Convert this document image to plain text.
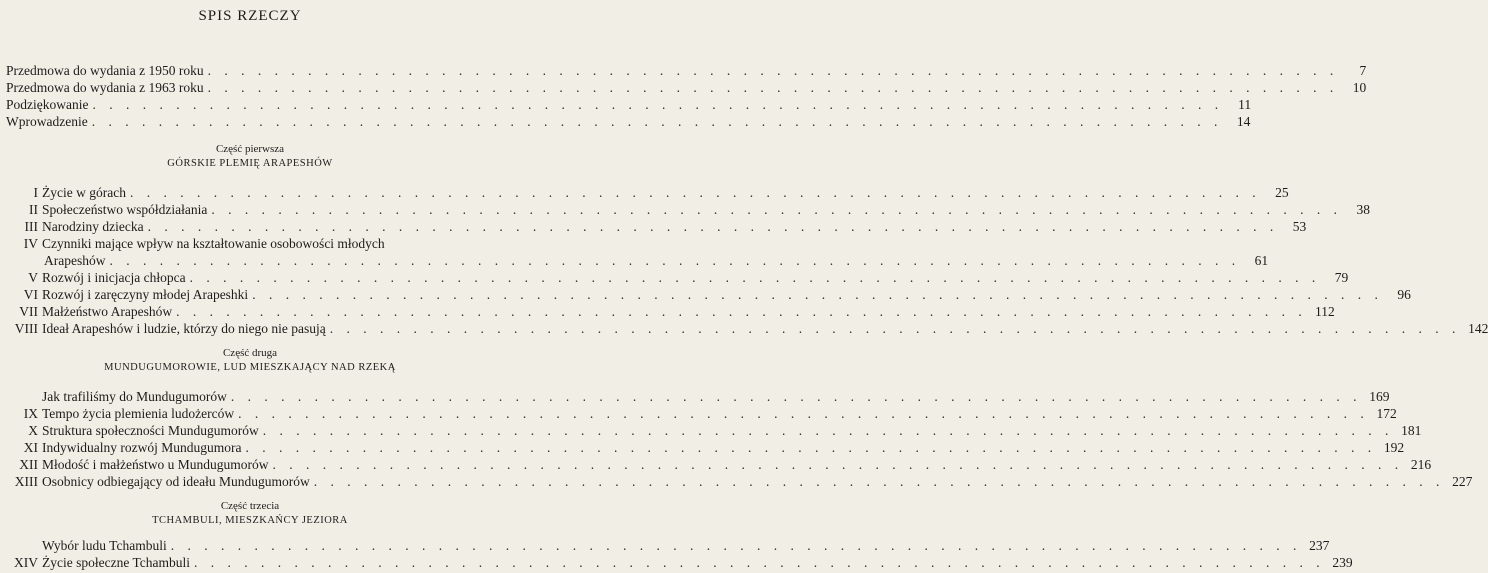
SPIS RZECZY
Przedmowa do wydania z 1950 roku . . .	7
Przedmowa do wydania z 1963 roku . . .	10
Podziękowanie . . .	11
Wprowadzenie . . .	14
Część pierwsza
GÓRSKIE PLEMIĘ ARAPESHÓW
I Życie w górach . . .	25
II Społeczeństwo współdziałania . . .	38
III Narodziny dziecka . . .	53
IV Czynniki mające wpływ na kształtowanie osobowości młodych
Arapeshów . . .	61
V Rozwój i inicjacja chłopca . . .	79
VI Rozwój i zaręczyny młodej Arapeshki . . .	96
VII Małżeństwo Arapeshów . . .	112
VIII Ideał Arapeshów i ludzie, którzy do niego nie pasują . . .	142
Część druga
MUNDUGUMOROWIE, LUD MIESZKAJĄCY NAD RZEKĄ
Jak trafiliśmy do Mundugumorów . . .	169
IX Tempo życia plemienia ludożerców . . .	172
X Struktura społeczności Mundugumorów . . .	181
XI Indywidualny rozwój Mundugumora . . .	192
XII Młodość i małżeństwo u Mundugumorów . . .	216
XIII Osobnicy odbiegający od ideału Mundugumorów . . .	227
Część trzecia
TCHAMBULI, MIESZKAŃCY JEZIORA
Wybór ludu Tchambuli . . .	237
XIV Życie społeczne Tchambuli . . .	239
